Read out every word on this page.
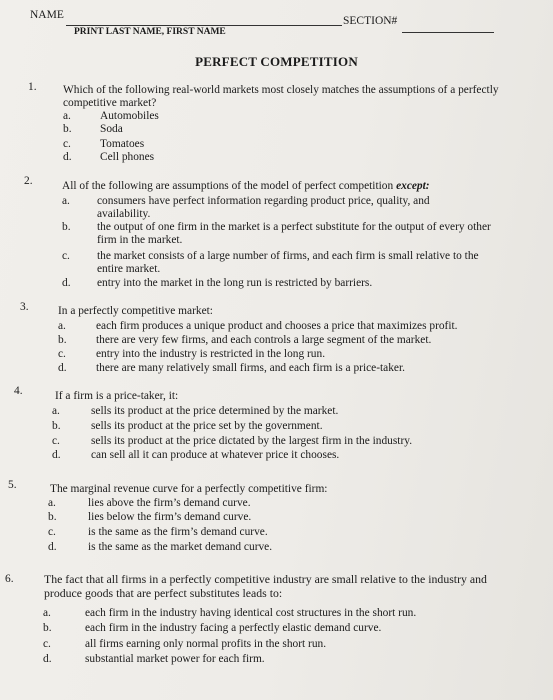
NAME	SECTION#
PRINT LAST NAME, FIRST NAME
PERFECT COMPETITION
1.	Which of the following real-world markets most closely matches the assumptions of a perfectly competitive market?
a.	Automobiles
b. Soda
c.	Tomatoes
d. Cell phones
2.	All of the following are assumptions of the model of perfect competition except:
a. consumers have perfect information regarding product price, quality, and availability.
b. the output of one firm in the market is a perfect substitute for the output of every other firm in the market.
c. the market consists of a large number of firms, and each firm is small relative to the entire market.
d. entry into the market in the long run is restricted by barriers.
3.	In a perfectly competitive market:
a.	each firm produces a unique product and chooses a price that maximizes profit.
b.	there are very few firms, and each controls a large segment of the market.
c.	entry into the industry is restricted in the long run.
d.	there are many relatively small firms, and each firm is a price-taker.
4.	If a firm is a price-taker, it:
a.	sells its product at the price determined by the market.
b.	sells its product at the price set by the government.
c.	sells its product at the price dictated by the largest firm in the industry.
d.	can sell all it can produce at whatever price it chooses.
5.	The marginal revenue curve for a perfectly competitive firm:
a.	lies above the firm’s demand curve.
b.	lies below the firm’s demand curve.
c.	is the same as the firm’s demand curve.
d.	is the same as the market demand curve.
6.	The fact that all firms in a perfectly competitive industry are small relative to the industry and produce goods that are perfect substitutes leads to:
a.	each firm in the industry having identical cost structures in the short run.
b.	each firm in the industry facing a perfectly elastic demand curve.
c.	all firms earning only normal profits in the short run.
d.	substantial market power for each firm.
